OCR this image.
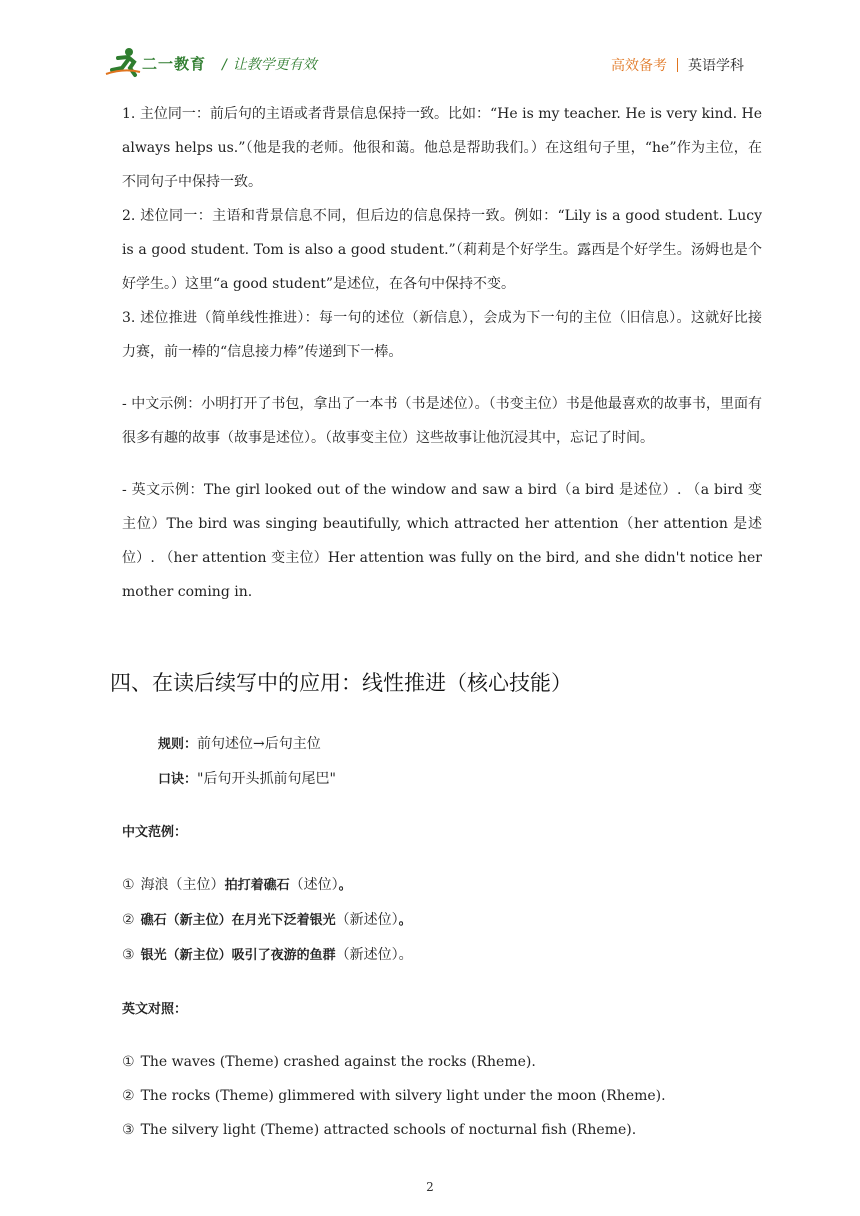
二一教育 / 让教学更有效	高效备考 英语学科

1. 主位同一：前后句的主语或者背景信息保持一致。比如：“He is my teacher. He is very kind. He always helps us.”（他是我的老师。他很和蔼。他总是帮助我们。）在这组句子里，“he”作为主位，在不同句子中保持一致。

2. 述位同一：主语和背景信息不同，但后边的信息保持一致。例如：“Lily is a good student. Lucy is a good student. Tom is also a good student.”（莉莉是个好学生。露西是个好学生。汤姆也是个好学生。）这里“a good student”是述位，在各句中保持不变。

3. 述位推进（简单线性推进）：每一句的述位（新信息），会成为下一句的主位（旧信息）。这就好比接力赛，前一棒的“信息接力棒”传递到下一棒。

- 中文示例：小明打开了书包，拿出了一本书（书是述位）。（书变主位）书是他最喜欢的故事书，里面有很多有趣的故事（故事是述位）。（故事变主位）这些故事让他沉浸其中，忘记了时间。

- 英文示例：The girl looked out of the window and saw a bird（a bird 是述位）. （a bird 变主位）The bird was singing beautifully, which attracted her attention（her attention 是述位）. （her attention 变主位）Her attention was fully on the bird, and she didn't notice her mother coming in.

四、在读后续写中的应用：线性推进（核心技能）
规则：前句述位→后句主位
口诀："后句开头抓前句尾巴"
中文范例：
① 海浪（主位）拍打着礁石（述位）。
② 礁石（新主位）在月光下泛着银光（新述位）。
③ 银光（新主位）吸引了夜游的鱼群（新述位）。
英文对照：
① The waves (Theme) crashed against the rocks (Rheme).
② The rocks (Theme) glimmered with silvery light under the moon (Rheme).
③ The silvery light (Theme) attracted schools of nocturnal fish (Rheme).
2
